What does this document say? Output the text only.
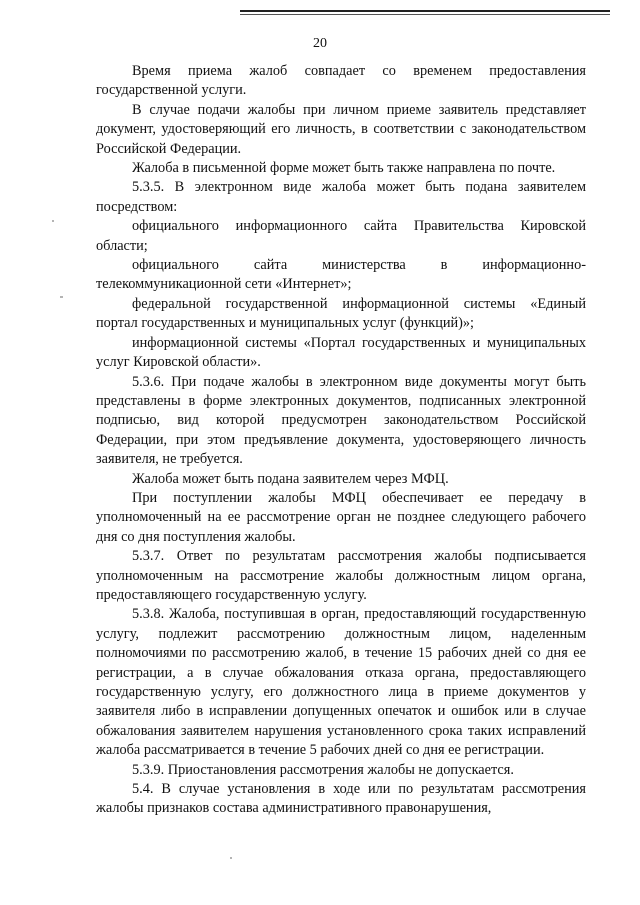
20

Время приема жалоб совпадает со временем предоставления государственной услуги.

В случае подачи жалобы при личном приеме заявитель представляет документ, удостоверяющий его личность, в соответствии с законодательством Российской Федерации.

Жалоба в письменной форме может быть также направлена по почте.

5.3.5. В электронном виде жалоба может быть подана заявителем посредством:

официального информационного сайта Правительства Кировской области;

официального сайта министерства в информационно-телекоммуникационной сети «Интернет»;

федеральной государственной информационной системы «Единый портал государственных и муниципальных услуг (функций)»;

информационной системы «Портал государственных и муниципальных услуг Кировской области».

5.3.6. При подаче жалобы в электронном виде документы могут быть представлены в форме электронных документов, подписанных электронной подписью, вид которой предусмотрен законодательством Российской Федерации, при этом предъявление документа, удостоверяющего личность заявителя, не требуется.

Жалоба может быть подана заявителем через МФЦ.

При поступлении жалобы МФЦ обеспечивает ее передачу в уполномоченный на ее рассмотрение орган не позднее следующего рабочего дня со дня поступления жалобы.

5.3.7. Ответ по результатам рассмотрения жалобы подписывается уполномоченным на рассмотрение жалобы должностным лицом органа, предоставляющего государственную услугу.

5.3.8. Жалоба, поступившая в орган, предоставляющий государственную услугу, подлежит рассмотрению должностным лицом, наделенным полномочиями по рассмотрению жалоб, в течение 15 рабочих дней со дня ее регистрации, а в случае обжалования отказа органа, предоставляющего государственную услугу, его должностного лица в приеме документов у заявителя либо в исправлении допущенных опечаток и ошибок или в случае обжалования заявителем нарушения установленного срока таких исправлений жалоба рассматривается в течение 5 рабочих дней со дня ее регистрации.

5.3.9. Приостановления рассмотрения жалобы не допускается.

5.4. В случае установления в ходе или по результатам рассмотрения жалобы признаков состава административного правонарушения,
